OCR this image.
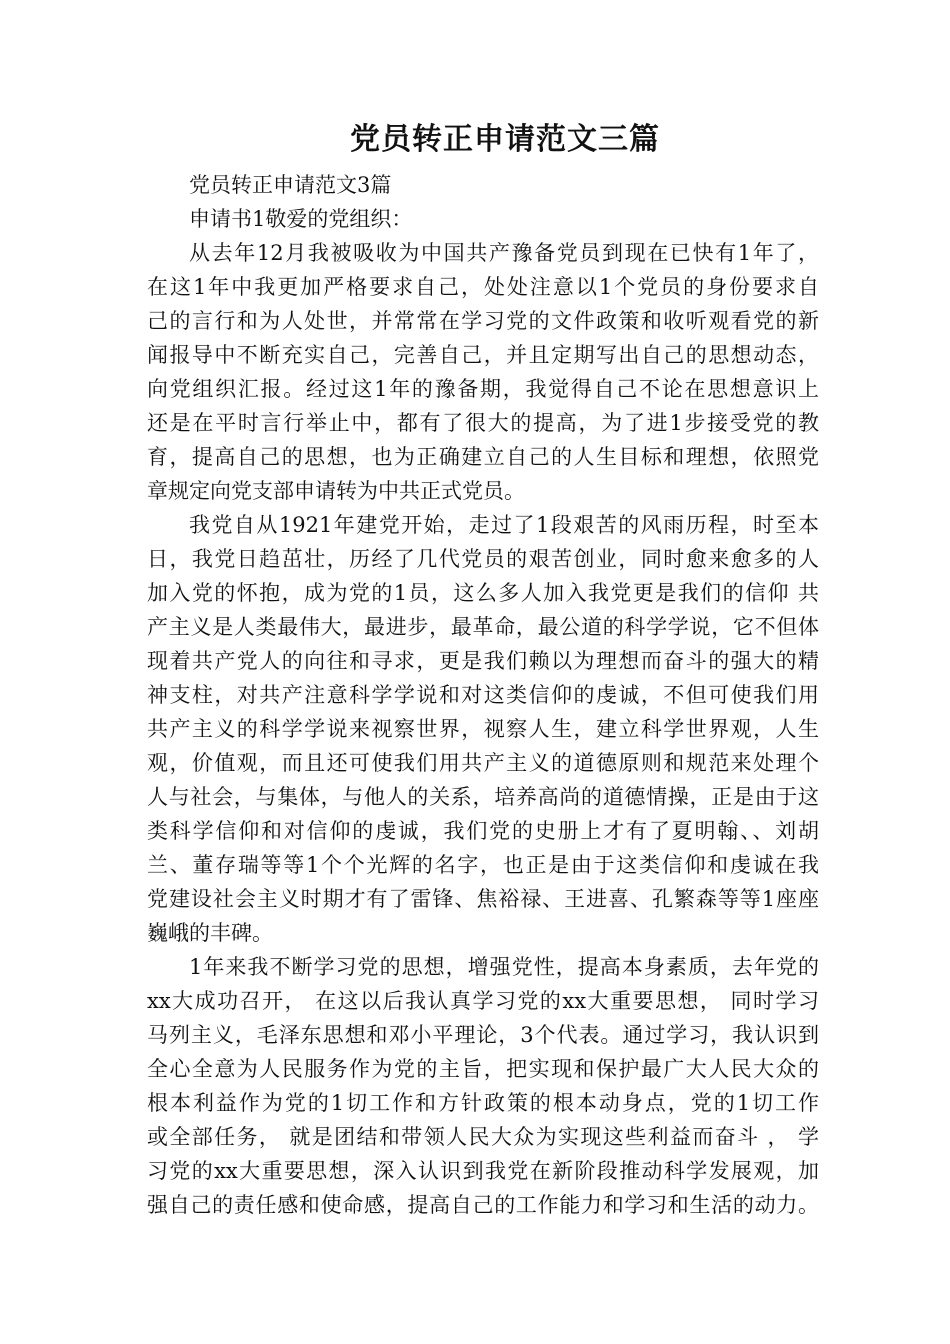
党员转正申请范文三篇
党员转正申请范文3篇
申请书1敬爱的党组织：
从去年12月我被吸收为中国共产豫备党员到现在已快有1年了，
在这1年中我更加严格要求自己，处处注意以1个党员的身份要求自
己的言行和为人处世，并常常在学习党的文件政策和收听观看党的新
闻报导中不断充实自己，完善自己，并且定期写出自己的思想动态，
向党组织汇报。经过这1年的豫备期，我觉得自己不论在思想意识上
还是在平时言行举止中，都有了很大的提高，为了进1步接受党的教
育，提高自己的思想，也为正确建立自己的人生目标和理想，依照党
章规定向党支部申请转为中共正式党员。
我党自从1921年建党开始，走过了1段艰苦的风雨历程，时至本
日，我党日趋茁壮，历经了几代党员的艰苦创业，同时愈来愈多的人
加入党的怀抱，成为党的1员，这么多人加入我党更是我们的信仰 共
产主义是人类最伟大，最进步，最革命，最公道的科学学说，它不但体
现着共产党人的向往和寻求，更是我们赖以为理想而奋斗的强大的精
神支柱，对共产注意科学学说和对这类信仰的虔诚，不但可使我们用
共产主义的科学学说来视察世界，视察人生，建立科学世界观，人生
观，价值观，而且还可使我们用共产主义的道德原则和规范来处理个
人与社会，与集体，与他人的关系，培养高尚的道德情操，正是由于这
类科学信仰和对信仰的虔诚，我们党的史册上才有了夏明翰、、刘胡
兰、董存瑞等等1个个光辉的名字，也正是由于这类信仰和虔诚在我
党建设社会主义时期才有了雷锋、焦裕禄、王进喜、孔繁森等等1座座
巍峨的丰碑。
1年来我不断学习党的思想，增强党性，提高本身素质，去年党的
xx大成功召开， 在这以后我认真学习党的xx大重要思想， 同时学习
马列主义，毛泽东思想和邓小平理论，3个代表。通过学习，我认识到
全心全意为人民服务作为党的主旨，把实现和保护最广大人民大众的
根本利益作为党的1切工作和方针政策的根本动身点，党的1切工作
或全部任务， 就是团结和带领人民大众为实现这些利益而奋斗 ， 学
习党的xx大重要思想，深入认识到我党在新阶段推动科学发展观，加
强自己的责任感和使命感，提高自己的工作能力和学习和生活的动力。
